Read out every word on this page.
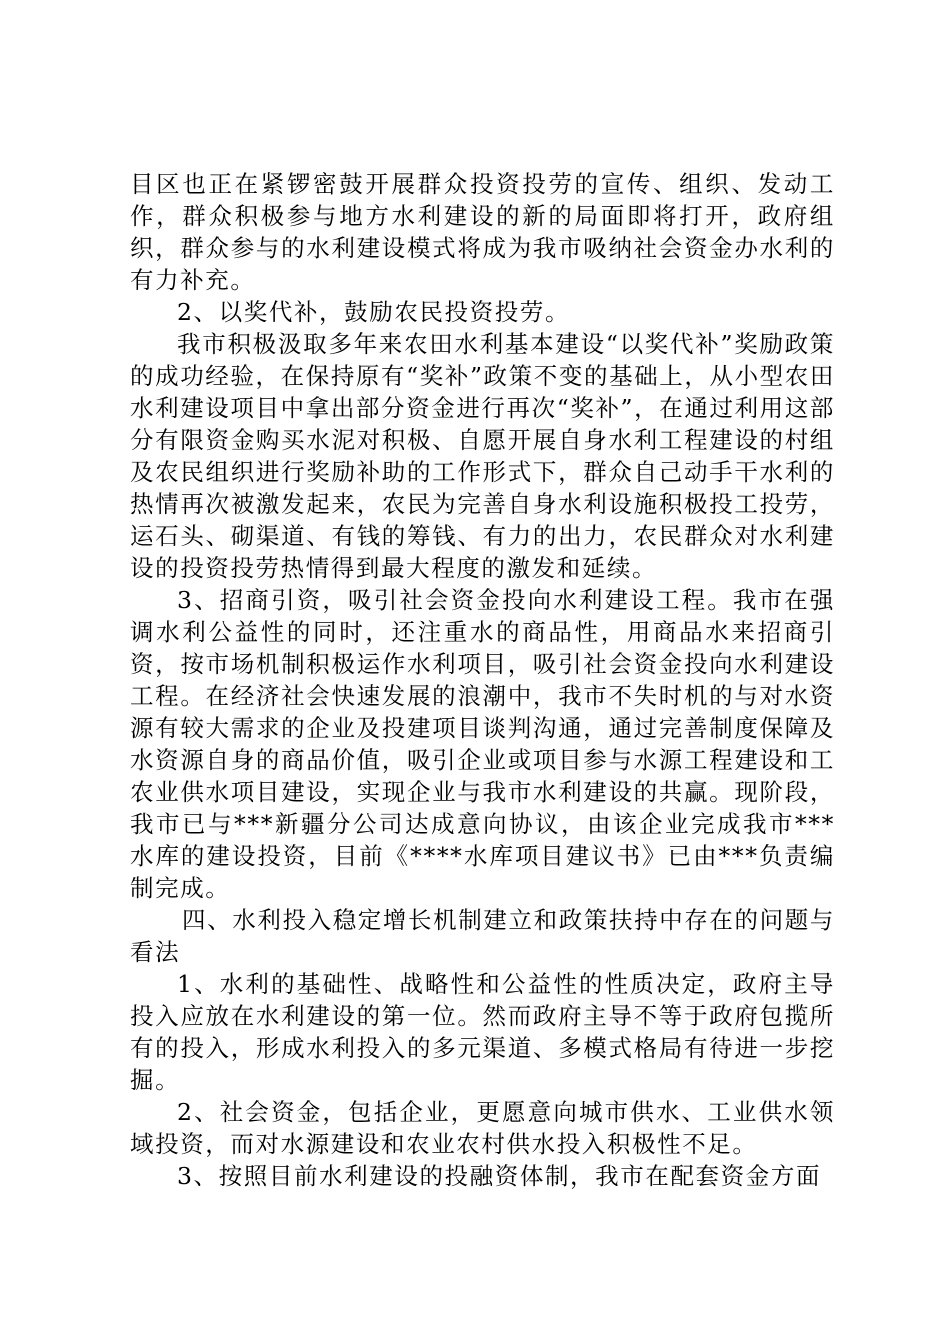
目区也正在紧锣密鼓开展群众投资投劳的宣传、组织、发动工作，群众积极参与地方水利建设的新的局面即将打开，政府组织，群众参与的水利建设模式将成为我市吸纳社会资金办水利的有力补充。

2、以奖代补，鼓励农民投资投劳。

我市积极汲取多年来农田水利基本建设“以奖代补”奖励政策的成功经验，在保持原有“奖补”政策不变的基础上，从小型农田水利建设项目中拿出部分资金进行再次“奖补”，在通过利用这部分有限资金购买水泥对积极、自愿开展自身水利工程建设的村组及农民组织进行奖励补助的工作形式下，群众自己动手干水利的热情再次被激发起来，农民为完善自身水利设施积极投工投劳，运石头、砌渠道、有钱的筹钱、有力的出力，农民群众对水利建设的投资投劳热情得到最大程度的激发和延续。

3、招商引资，吸引社会资金投向水利建设工程。我市在强调水利公益性的同时，还注重水的商品性，用商品水来招商引资，按市场机制积极运作水利项目，吸引社会资金投向水利建设工程。在经济社会快速发展的浪潮中，我市不失时机的与对水资源有较大需求的企业及投建项目谈判沟通，通过完善制度保障及水资源自身的商品价值，吸引企业或项目参与水源工程建设和工农业供水项目建设，实现企业与我市水利建设的共赢。现阶段，我市已与***新疆分公司达成意向协议，由该企业完成我市***水库的建设投资，目前《****水库项目建议书》已由***负责编制完成。

四、水利投入稳定增长机制建立和政策扶持中存在的问题与看法

1、水利的基础性、战略性和公益性的性质决定，政府主导投入应放在水利建设的第一位。然而政府主导不等于政府包揽所有的投入，形成水利投入的多元渠道、多模式格局有待进一步挖掘。

2、社会资金，包括企业，更愿意向城市供水、工业供水领域投资，而对水源建设和农业农村供水投入积极性不足。

3、按照目前水利建设的投融资体制，我市在配套资金方面
